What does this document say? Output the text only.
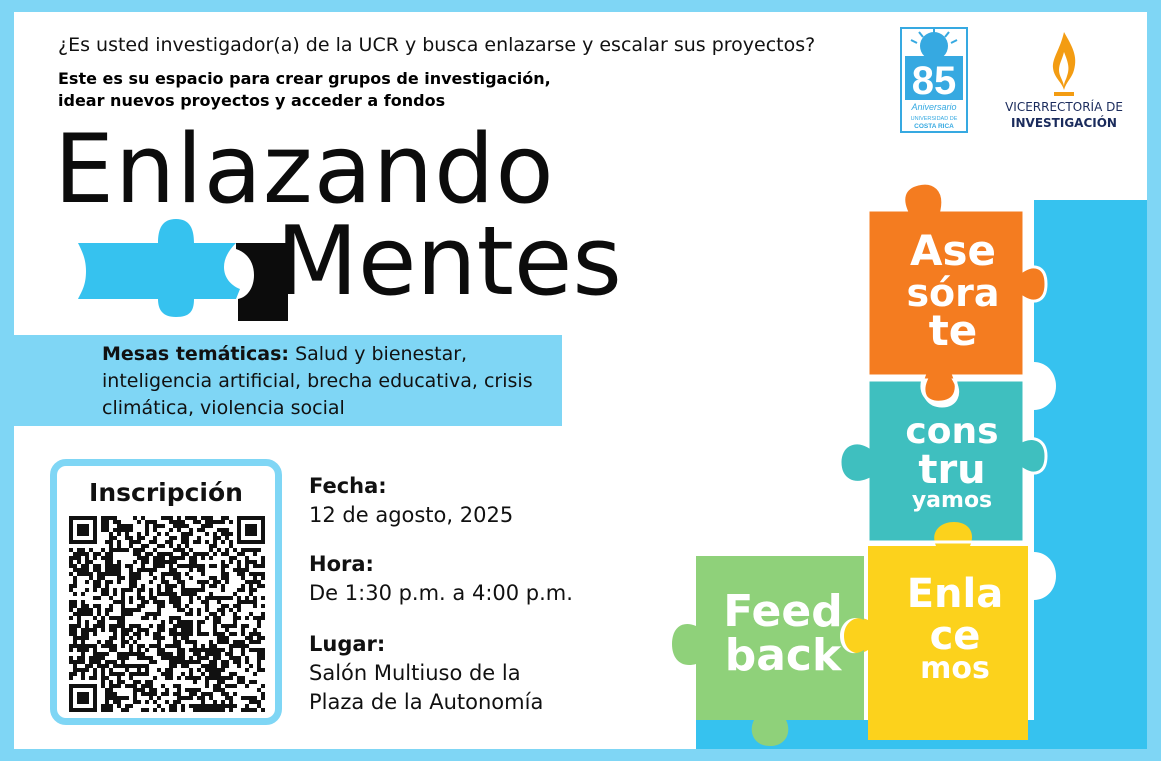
¿Es usted investigador(a) de la UCR y busca enlazarse y escalar sus proyectos?
Este es su espacio para crear grupos de investigación,
idear nuevos proyectos y acceder a fondos	85
Aniversario
UNIVERSIDAD DE
COSTA RICA
VICERRECTORÍA DE
INVESTIGACIÓN
Enlazando
Mentes
Mesas temáticas: Salud y bienestar, inteligencia artificial, brecha educativa, crisis climática, violencia social
Inscripción	Fecha:
12 de agosto, 2025
Hora:
De 1:30 p.m. a 4:00 p.m.
Lugar:
Salón Multiuso de la
Plaza de la Autonomía
Ase
sóra
te
cons
tru
yamos
Enla
ce
mos
Feed
back
